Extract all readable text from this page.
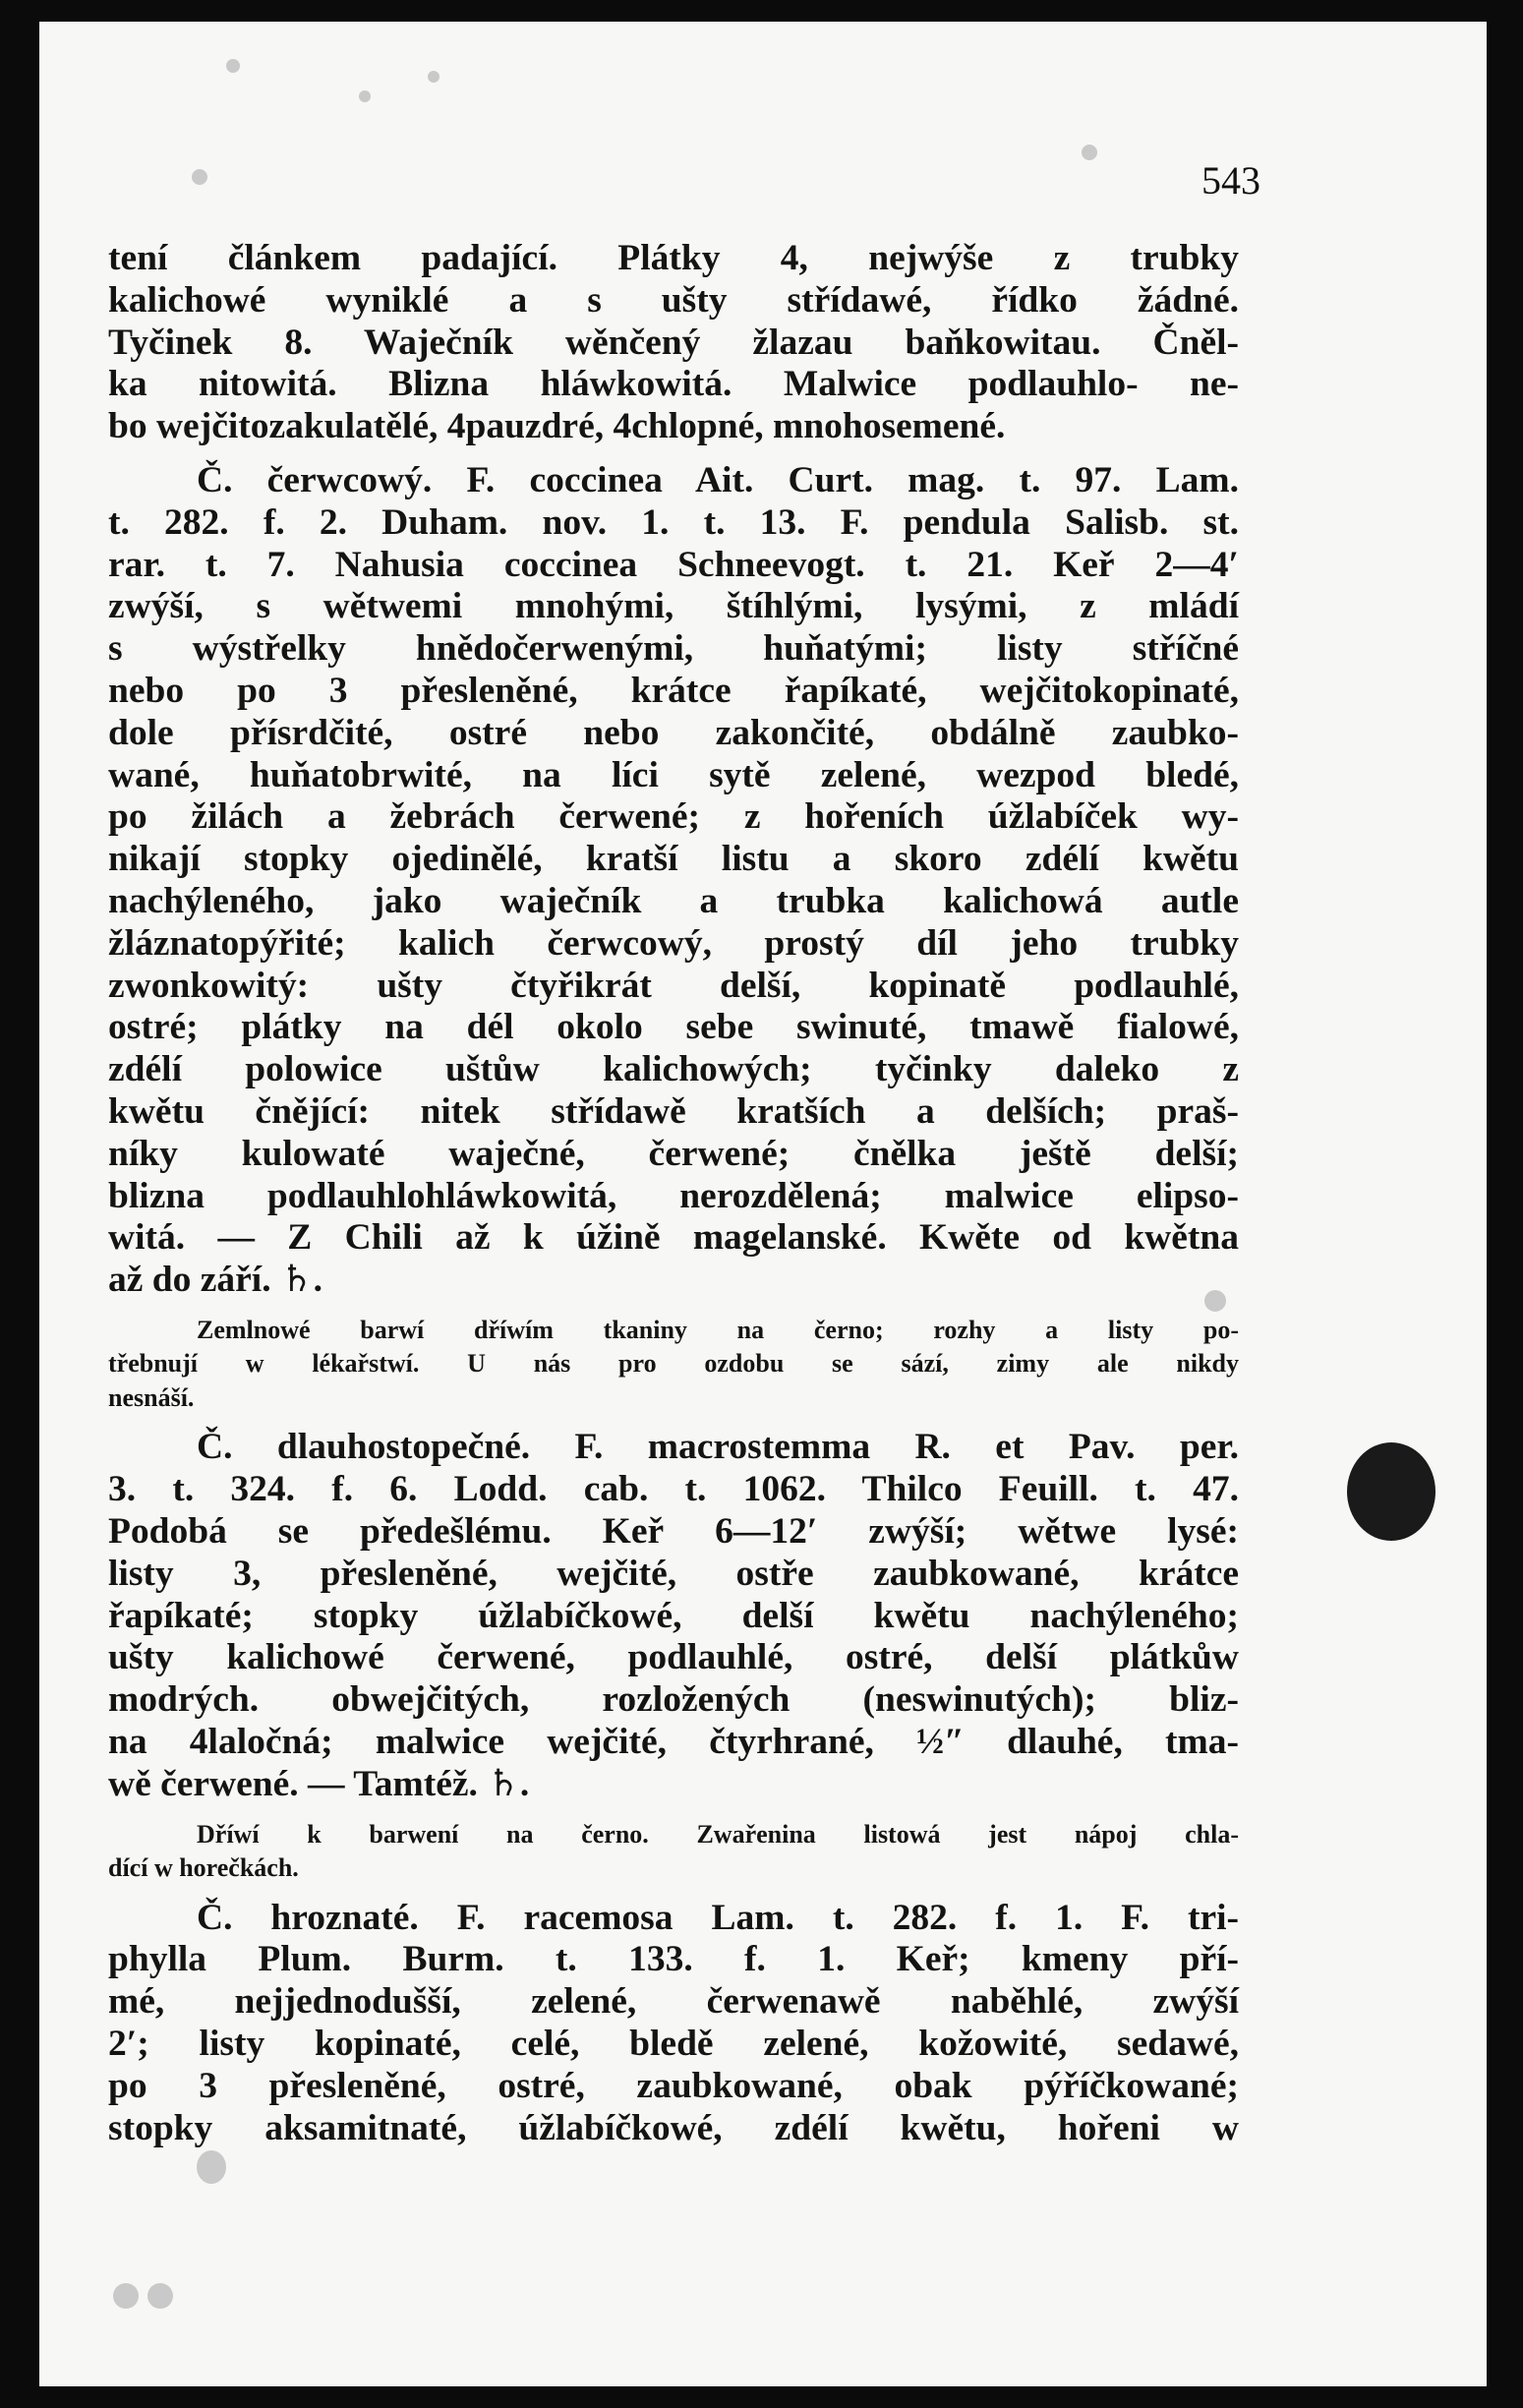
543
tení článkem padající. Plátky 4, nejwýše z trubky
kalichowé wyniklé a s ušty střídawé, řídko žádné.
Tyčinek 8. Waječník wěnčený žlazau baňkowitau. Čněl-
ka nitowitá. Blizna hláwkowitá. Malwice podlauhlo- ne-
bo wejčitozakulatělé, 4pauzdré, 4chlopné, mnohosemené.
Č. čerwcowý. F. coccinea Ait. Curt. mag. t. 97. Lam.
t. 282. f. 2. Duham. nov. 1. t. 13. F. pendula Salisb. st.
rar. t. 7. Nahusia coccinea Schneevogt. t. 21. Keř 2—4′
zwýší, s wětwemi mnohými, štíhlými, lysými, z mládí
s wýstřelky hnědočerwenými, huňatými; listy stříčné
nebo po 3 přesleněné, krátce řapíkaté, wejčitokopinaté,
dole přísrdčité, ostré nebo zakončité, obdálně zaubko-
wané, huňatobrwité, na líci sytě zelené, wezpod bledé,
po žilách a žebrách čerwené; z hořeních úžlabíček wy-
nikají stopky ojedinělé, kratší listu a skoro zdélí kwětu
nachýleného, jako waječník a trubka kalichowá autle
žláznatopýřité; kalich čerwcowý, prostý díl jeho trubky
zwonkowitý: ušty čtyřikrát delší, kopinatě podlauhlé,
ostré; plátky na dél okolo sebe swinuté, tmawě fialowé,
zdélí polowice uštůw kalichowých; tyčinky daleko z
kwětu čnějící: nitek střídawě kratších a delších; praš-
níky kulowaté waječné, čerwené; čnělka ještě delší;
blizna podlauhlohláwkowitá, nerozdělená; malwice elipso-
witá. — Z Chili až k úžině magelanské. Kwěte od kwětna
až do září. ♄.
Zemlnowé barwí dříwím tkaniny na černo; rozhy a listy po-
třebnují w lékařstwí. U nás pro ozdobu se sází, zimy ale nikdy
nesnáší.
Č. dlauhostopečné. F. macrostemma R. et Pav. per.
3. t. 324. f. 6. Lodd. cab. t. 1062. Thilco Feuill. t. 47.
Podobá se předešlému. Keř 6—12′ zwýší; wětwe lysé:
listy 3, přesleněné, wejčité, ostře zaubkowané, krátce
řapíkaté; stopky úžlabíčkowé, delší kwětu nachýleného;
ušty kalichowé čerwené, podlauhlé, ostré, delší plátkůw
modrých. obwejčitých, rozložených (neswinutých); bliz-
na 4laločná; malwice wejčité, čtyrhrané, ½″ dlauhé, tma-
wě čerwené. — Tamtéž. ♄.
Dříwí k barwení na černo. Zwařenina listowá jest nápoj chla-
dící w horečkách.
Č. hroznaté. F. racemosa Lam. t. 282. f. 1. F. tri-
phylla Plum. Burm. t. 133. f. 1. Keř; kmeny pří-
mé, nejjednodušší, zelené, čerwenawě naběhlé, zwýší
2′; listy kopinaté, celé, bledě zelené, kožowité, sedawé,
po 3 přesleněné, ostré, zaubkowané, obak pýříčkowané;
stopky aksamitnaté, úžlabíčkowé, zdélí kwětu, hořeni w
